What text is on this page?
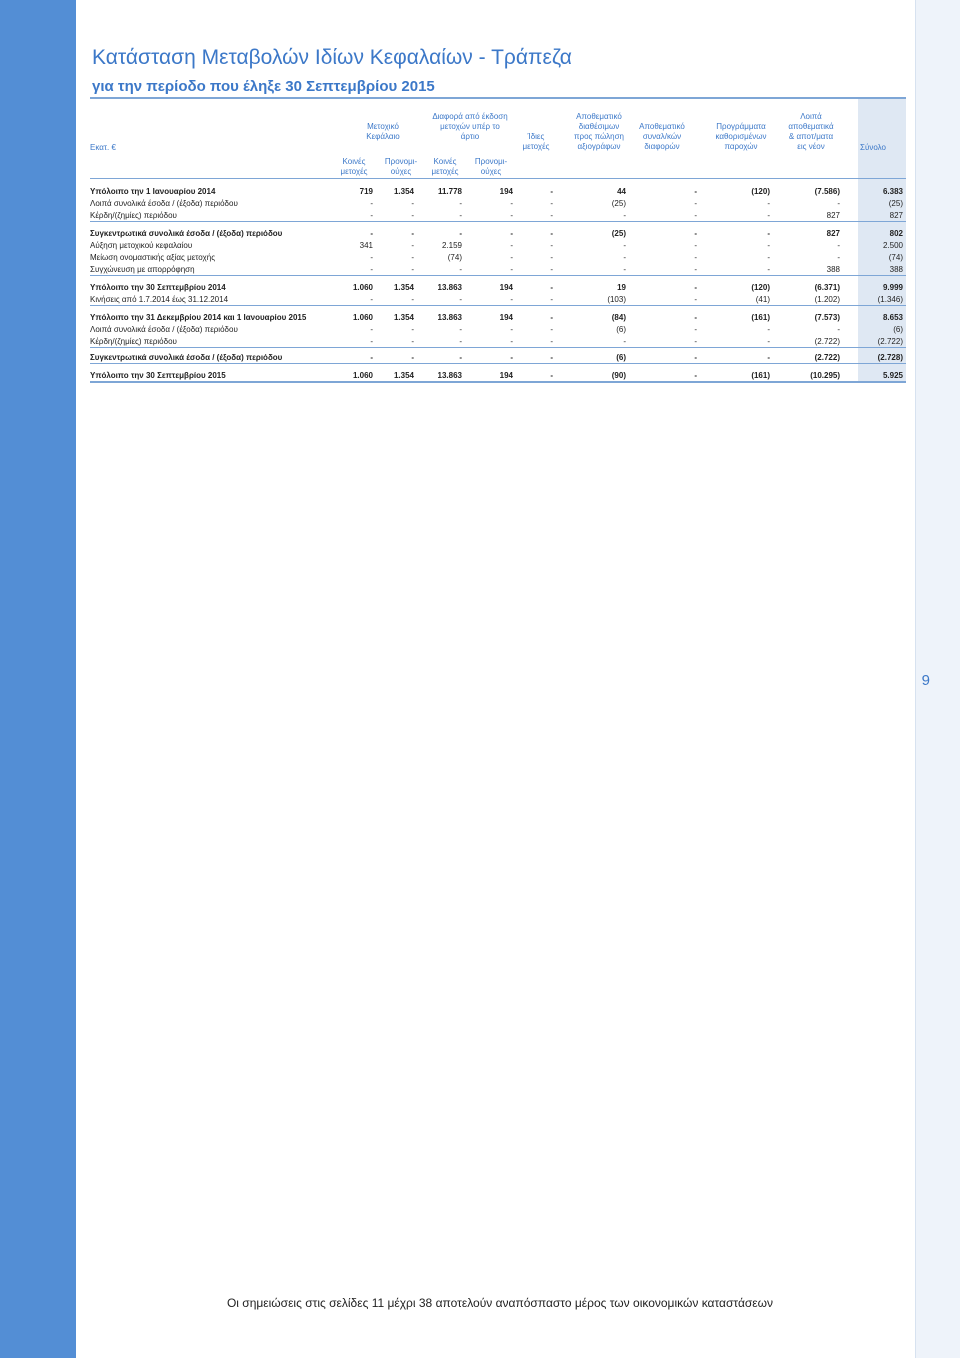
Κατάσταση Μεταβολών Ιδίων Κεφαλαίων - Τράπεζα
για την περίοδο που έληξε 30 Σεπτεμβρίου 2015
Εκατ. €
Μετοχικό
Κεφάλαιο
Διαφορά από έκδοση
μετοχών υπέρ το
άρτιο	Ίδιες
μετοχές
Αποθεματικό
διαθέσιμων
προς πώληση
αξιογράφων
Αποθεματικό
συναλ/κών
διαφορών
Προγράμματα
καθορισμένων
παροχών
Λοιπά
αποθεματικά
& αποτ/ματα
εις νέον	Σύνολο
Κοινές
μετοχές
Προνομι-
ούχες
Κοινές
μετοχές
Προνομι-
ούχες
Υπόλοιπο την 1 Ιανουαρίου 2014	719	1.354	11.778	194	-	44	-	(120)	(7.586)	6.383
Λοιπά συνολικά έσοδα / (έξοδα) περιόδου	-	-	-	-	-	(25)	-	-	-	(25)
Κέρδη/(ζημίες) περιόδου	-	-	-	-	-	-	-	-	827	827
Συγκεντρωτικά συνολικά έσοδα / (έξοδα) περιόδου	-	-	-	-	-	(25)	-	-	827	802
Αύξηση μετοχικού κεφαλαίου	341	-	2.159	-	-	-	-	-	-	2.500
Μείωση ονομαστικής αξίας μετοχής	-	-	(74)	-	-	-	-	-	-	(74)
Συγχώνευση με απορρόφηση	-	-	-	-	-	-	-	-	388	388
Υπόλοιπο την 30 Σεπτεμβρίου 2014	1.060	1.354	13.863	194	-	19	-	(120)	(6.371)	9.999
Κινήσεις από 1.7.2014 έως 31.12.2014	-	-	-	-	-	(103)	-	(41)	(1.202)	(1.346)
Υπόλοιπο την 31 Δεκεμβρίου 2014 και 1 Ιανουαρίου 2015	1.060	1.354	13.863	194	-	(84)	-	(161)	(7.573)	8.653
Λοιπά συνολικά έσοδα / (έξοδα) περιόδου	-	-	-	-	-	(6)	-	-	-	(6)
Κέρδη/(ζημίες) περιόδου	-	-	-	-	-	-	-	-	(2.722)	(2.722)
Συγκεντρωτικά συνολικά έσοδα / (έξοδα) περιόδου	-	-	-	-	-	(6)	-	-	(2.722)	(2.728)
Υπόλοιπο την 30 Σεπτεμβρίου 2015	1.060	1.354	13.863	194	-	(90)	-	(161)	(10.295)	5.925
9
Οι σημειώσεις στις σελίδες 11 μέχρι 38 αποτελούν αναπόσπαστο μέρος των οικονομικών καταστάσεων
